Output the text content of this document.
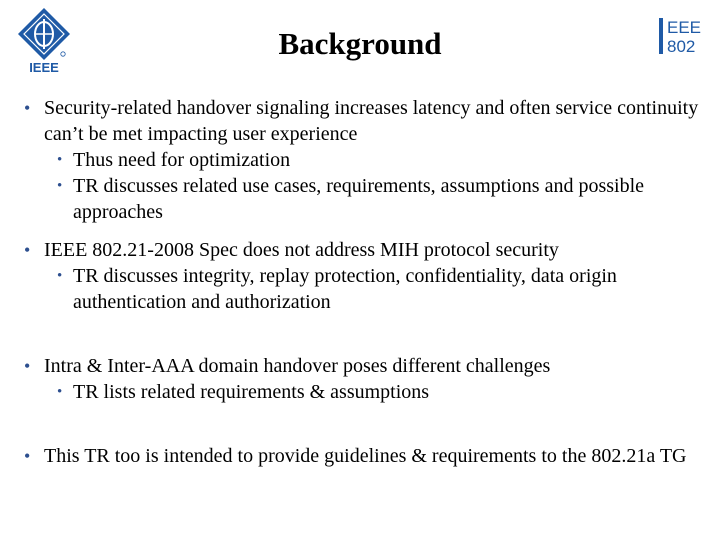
IEEE
Background	EEE
802
• Security-related handover signaling increases latency and often service continuity can’t be met impacting user experience
• Thus need for optimization
• TR discusses related use cases, requirements, assumptions and possible approaches
• IEEE 802.21-2008 Spec does not address MIH protocol security
• TR discusses integrity, replay protection, confidentiality, data origin authentication and authorization
• Intra & Inter-AAA domain handover poses different challenges
• TR lists related requirements & assumptions
• This TR too is intended to provide guidelines & requirements to the 802.21a TG
